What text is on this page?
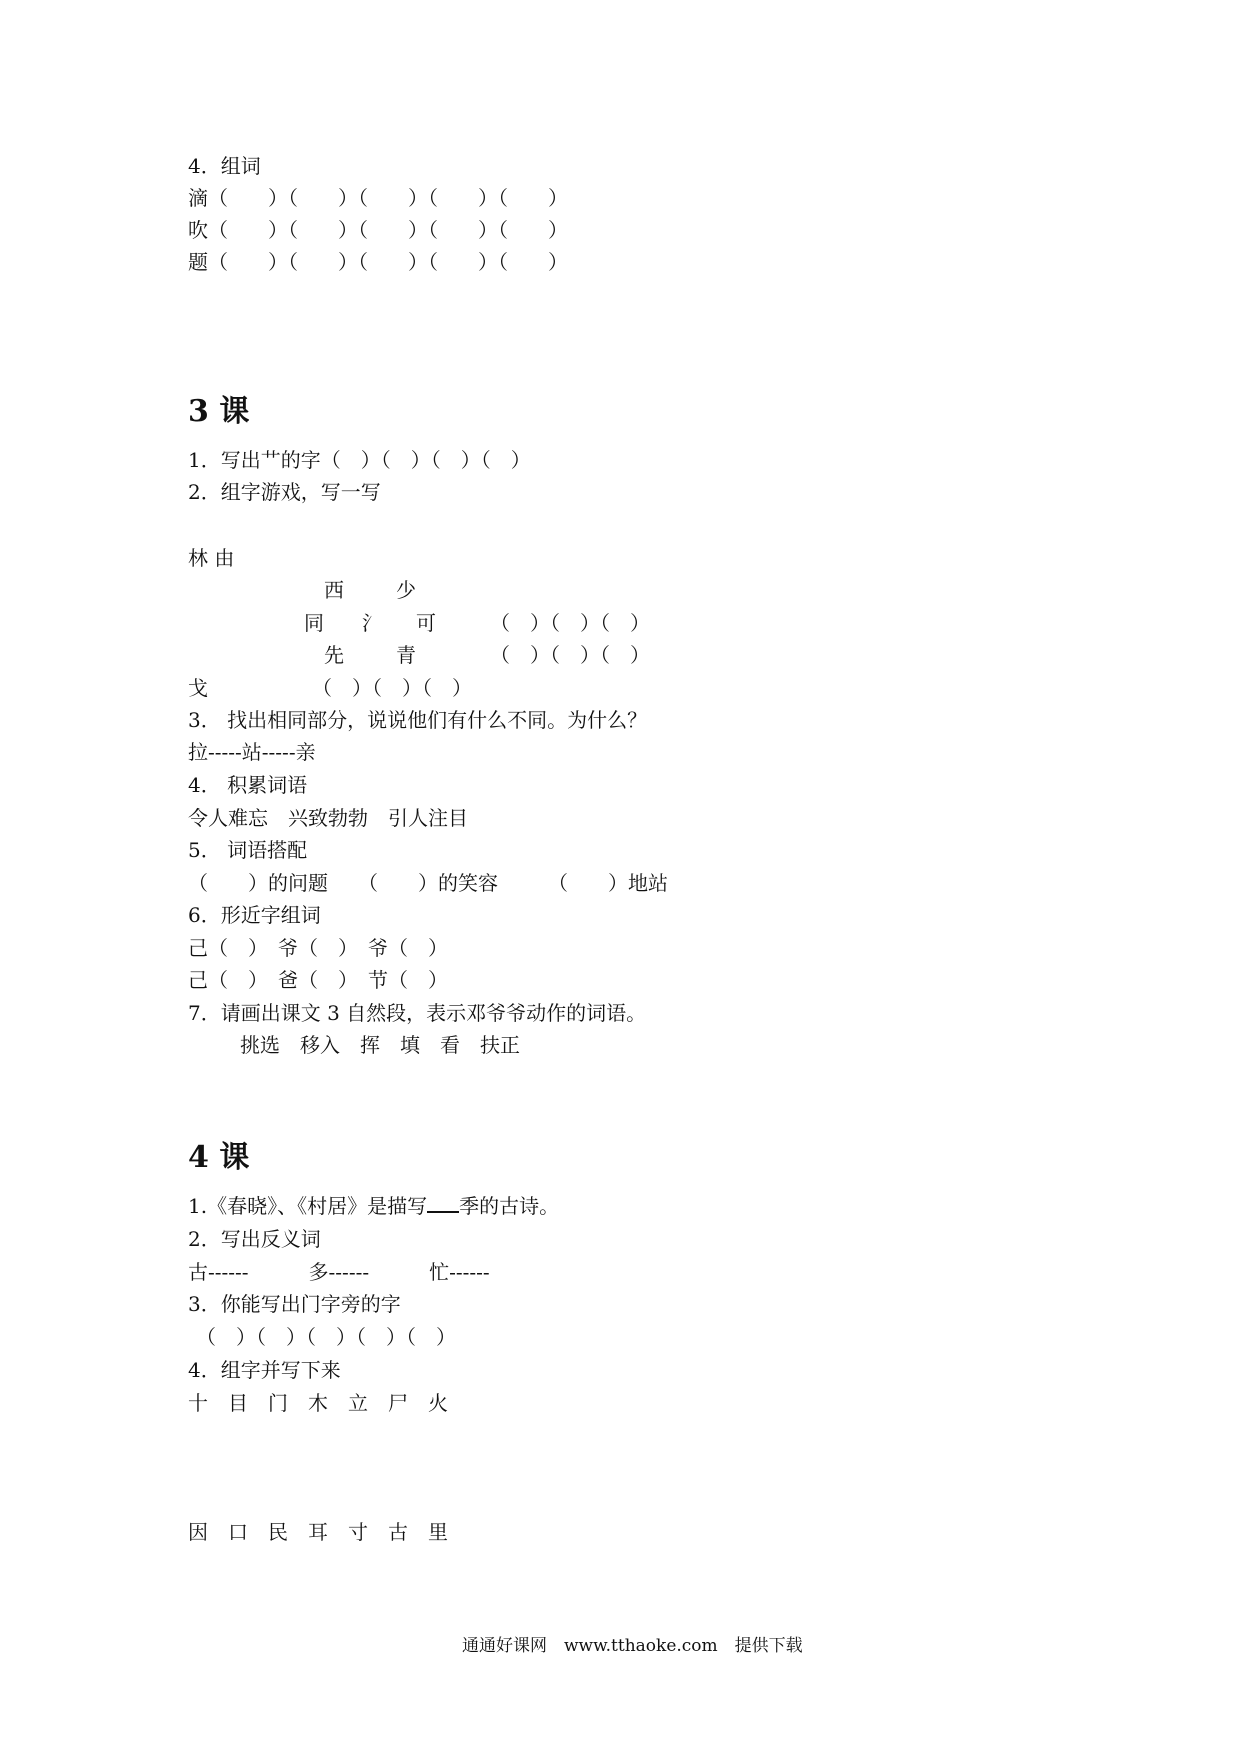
4．组词
滴（　　）（　　）（　　）（　　）（　　）
吹（　　）（　　）（　　）（　　）（　　）
题（　　）（　　）（　　）（　　）（　　）
3 课
1．写出艹的字（　）（　）（　）（　）
2．组字游戏，写一写
林 由
西	少
同 氵 可	（　）（　）（　）
先	青	（　）（　）（　）
戈	（　）（　）（　）
3． 找出相同部分，说说他们有什么不同。为什么？
拉-----站-----亲
4． 积累词语
令人难忘　兴致勃勃　引人注目
5． 词语搭配
（　　）的问题　　（　　）的笑容　　　（　　）地站
6．形近字组词
己（　）　爷（　）　爷（　）
己（　）　爸（　）　节（　）
7．请画出课文 3 自然段，表示邓爷爷动作的词语。
挑选　移入　挥　填　看　扶正
4 课
1.《春晓》、《村居》是描写 季的古诗。
2．写出反义词
古------　　　多------　　　忙------
3．你能写出门字旁的字
（　）（　）（　）（　）（　）
4．组字并写下来
十　目　门　木　立　尸　火
因　口　民　耳　寸　古　里
通通好课网　www.tthaoke.com　提供下载
